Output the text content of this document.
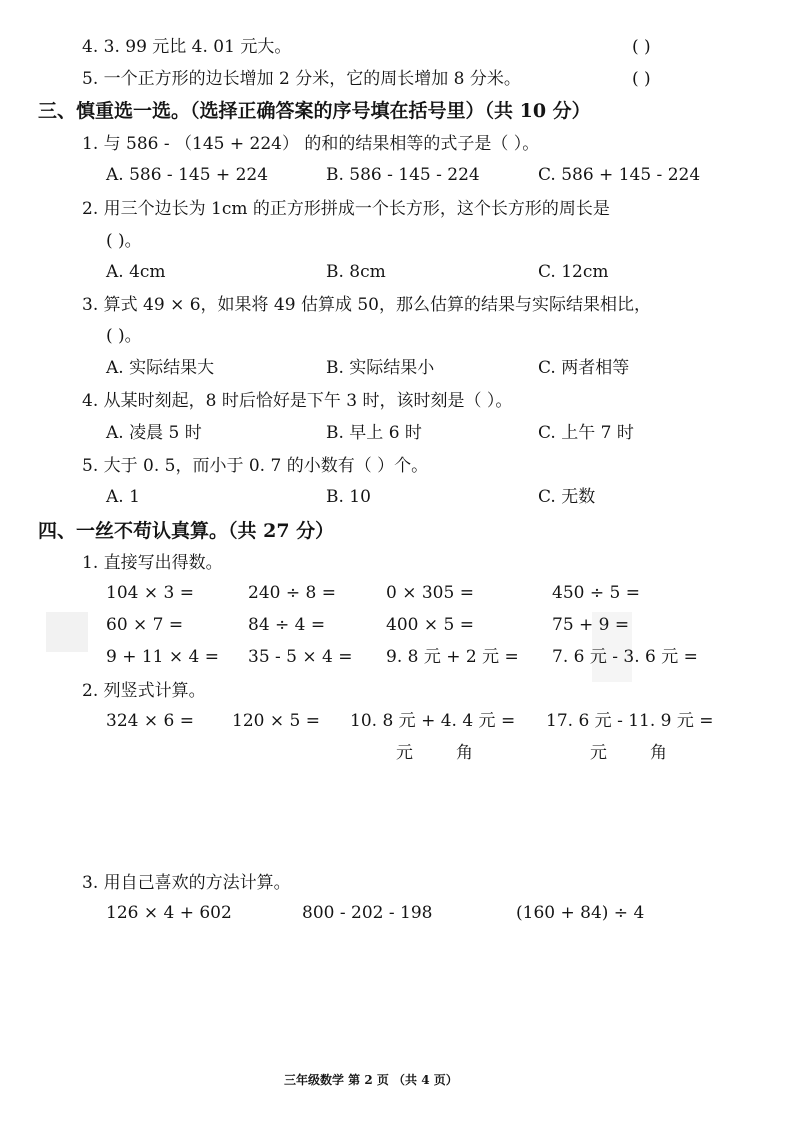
4. 3. 99 元比 4. 01 元大。	( )
5. 一个正方形的边长增加 2 分米，它的周长增加 8 分米。	( )
三、慎重选一选。（选择正确答案的序号填在括号里）（共 10 分）
1. 与 586 - （145 + 224） 的和的结果相等的式子是（ ）。
A. 586 - 145 + 224	B. 586 - 145 - 224	C. 586 + 145 - 224
2. 用三个边长为 1cm 的正方形拼成一个长方形，这个长方形的周长是
( )。
A. 4cm	B. 8cm	C. 12cm
3. 算式 49 × 6，如果将 49 估算成 50，那么估算的结果与实际结果相比，
( )。
A. 实际结果大	B. 实际结果小	C. 两者相等
4. 从某时刻起，8 时后恰好是下午 3 时，该时刻是（ ）。
A. 凌晨 5 时	B. 早上 6 时	C. 上午 7 时
5. 大于 0. 5，而小于 0. 7 的小数有（ ）个。
A. 1	B. 10	C. 无数
四、一丝不苟认真算。（共 27 分）
1. 直接写出得数。
104 × 3 =	240 ÷ 8 =	0 × 305 =	450 ÷ 5 =
60 × 7 =	84 ÷ 4 =	400 × 5 =	75 + 9 =
9 + 11 × 4 = 35 - 5 × 4 = 9. 8 元 + 2 元 = 7. 6 元 - 3. 6 元 =
2. 列竖式计算。
324 × 6 = 120 × 5 = 10. 8 元 + 4. 4 元 = 17. 6 元 - 11. 9 元 =
元	角	元	角
3. 用自己喜欢的方法计算。
126 × 4 + 602	800 - 202 - 198	(160 + 84) ÷ 4
三年级数学 第 2 页 （共 4 页）
